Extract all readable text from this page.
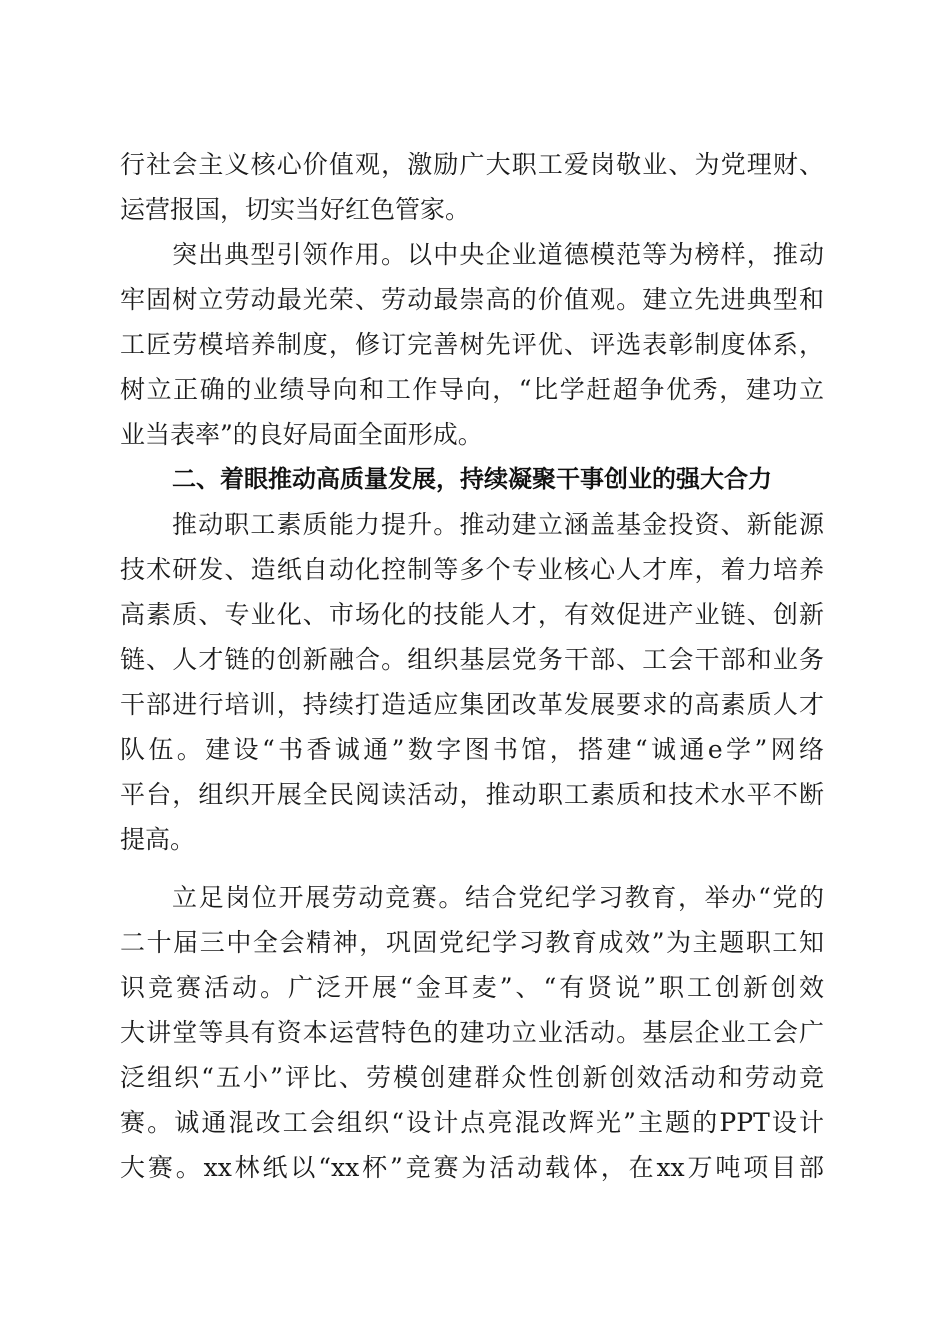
行社会主义核心价值观，激励广大职工爱岗敬业、为党理财、

运营报国，切实当好红色管家。

突出典型引领作用。以中央企业道德模范等为榜样，推动

牢固树立劳动最光荣、劳动最崇高的价值观。建立先进典型和

工匠劳模培养制度，修订完善树先评优、评选表彰制度体系，

树立正确的业绩导向和工作导向，“比学赶超争优秀，建功立

业当表率”的良好局面全面形成。

二、着眼推动高质量发展，持续凝聚干事创业的强大合力

推动职工素质能力提升。推动建立涵盖基金投资、新能源

技术研发、造纸自动化控制等多个专业核心人才库，着力培养

高素质、专业化、市场化的技能人才，有效促进产业链、创新

链、人才链的创新融合。组织基层党务干部、工会干部和业务

干部进行培训，持续打造适应集团改革发展要求的高素质人才

队伍。建设“书香诚通”数字图书馆，搭建“诚通e学”网络

平台，组织开展全民阅读活动，推动职工素质和技术水平不断

提高。

立足岗位开展劳动竞赛。结合党纪学习教育，举办“党的

二十届三中全会精神，巩固党纪学习教育成效”为主题职工知

识竞赛活动。广泛开展“金耳麦”、“有贤说”职工创新创效

大讲堂等具有资本运营特色的建功立业活动。基层企业工会广

泛组织“五小”评比、劳模创建群众性创新创效活动和劳动竞

赛。诚通混改工会组织“设计点亮混改辉光”主题的PPT设计

大赛。xx林纸以“xx杯”竞赛为活动载体，在xx万吨项目部
